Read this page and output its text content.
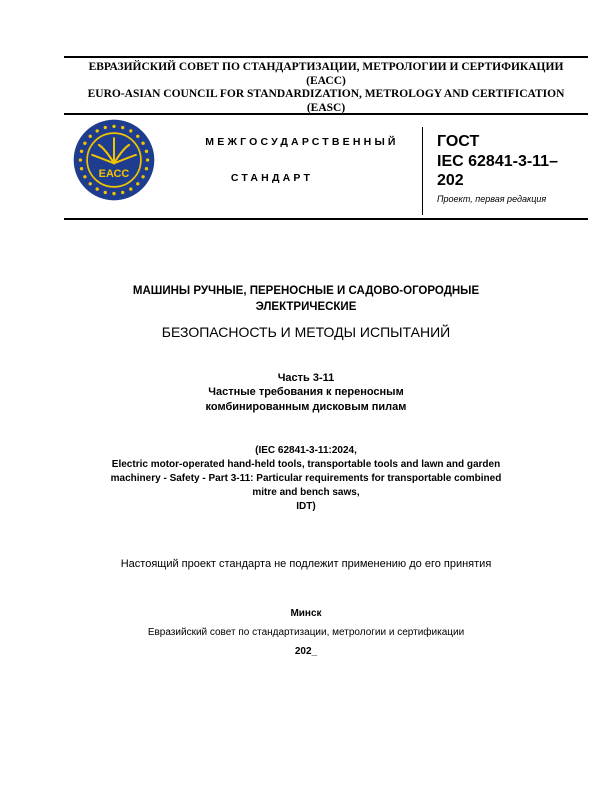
ЕВРАЗИЙСКИЙ СОВЕТ ПО СТАНДАРТИЗАЦИИ, МЕТРОЛОГИИ И СЕРТИФИКАЦИИ
(ЕАСС)
EURO-ASIAN COUNCIL FOR STANDARDIZATION, METROLOGY AND CERTIFICATION
(EASC)
ЕАСС
МЕЖГОСУДАРСТВЕННЫЙ
СТАНДАРТ
ГОСТ
IEC 62841-3-11–
202
Проект, первая редакция
МАШИНЫ РУЧНЫЕ, ПЕРЕНОСНЫЕ И САДОВО-ОГОРОДНЫЕ
ЭЛЕКТРИЧЕСКИЕ
БЕЗОПАСНОСТЬ И МЕТОДЫ ИСПЫТАНИЙ
Часть 3-11
Частные требования к переносным
комбинированным дисковым пилам
(IEC 62841-3-11:2024,
Electric motor-operated hand-held tools, transportable tools and lawn and garden
machinery - Safety - Part 3-11: Particular requirements for transportable combined
mitre and bench saws,
IDT)
Настоящий проект стандарта не подлежит применению до его принятия
Минск
Евразийский совет по стандартизации, метрологии и сертификации
202_
